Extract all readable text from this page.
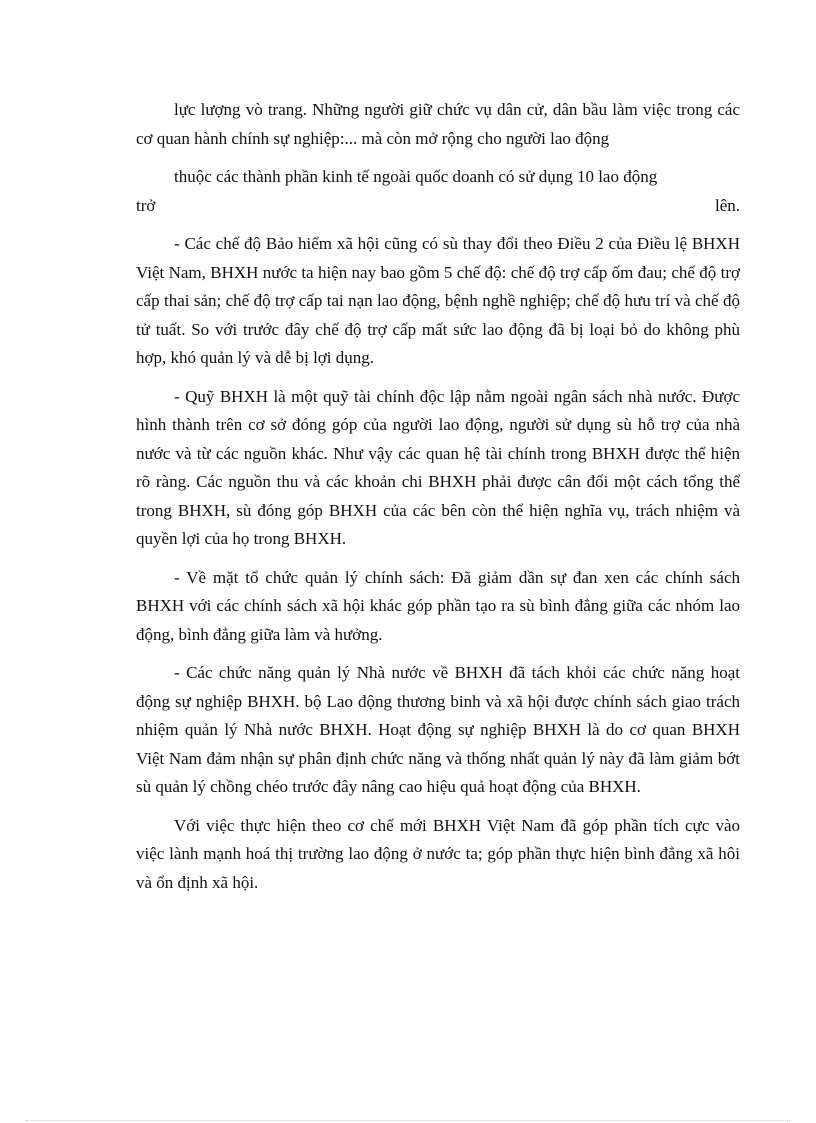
lực lượng vò trang. Những người giữ chức vụ dân cử, dân bầu làm việc trong các cơ quan hành chính sự nghiệp:... mà còn mở rộng cho người lao động

thuộc các thành phần kinh tế ngoài quốc doanh có sử dụng 10 lao động

trở	lên.

- Các chế độ Bảo hiểm xã hội cũng có sù thay đổi theo Điều 2 của Điều lệ BHXH Việt Nam, BHXH nước ta hiện nay bao gồm 5 chế độ: chế độ trợ cấp ốm đau; chế độ trợ cấp thai sản; chế độ trợ cấp tai nạn lao động, bệnh nghề nghiệp; chế độ hưu trí và chế độ tử tuất. So với trước đây chế độ trợ cấp mất sức lao động đã bị loại bỏ do không phù hợp, khó quản lý và dễ bị lợi dụng.

- Quỹ BHXH là một quỹ tài chính độc lập nằm ngoài ngân sách nhà nước. Được hình thành trên cơ sở đóng góp của người lao động, người sử dụng sù hỗ trợ của nhà nước và từ các nguồn khác. Như vậy các quan hệ tài chính trong BHXH được thể hiện rõ ràng. Các nguồn thu và các khoản chi BHXH phải được cân đối một cách tổng thể trong BHXH, sù đóng góp BHXH của các bên còn thể hiện nghĩa vụ, trách nhiệm và quyền lợi của họ trong BHXH.

- Về mặt tổ chức quản lý chính sách: Đã giảm dần sự đan xen các chính sách BHXH với các chính sách xã hội khác góp phần tạo ra sù bình đẳng giữa các nhóm lao động, bình đẳng giữa làm và hưởng.

- Các chức năng quản lý Nhà nước về BHXH đã tách khỏi các chức năng hoạt động sự nghiệp BHXH. bộ Lao động thương binh và xã hội được chính sách giao trách nhiệm quản lý Nhà nước BHXH. Hoạt động sự nghiệp BHXH là do cơ quan BHXH Việt Nam đảm nhận sự phân định chức năng và thống nhất quản lý này đã làm giảm bớt sù quản lý chồng chéo trước đây nâng cao hiệu quả hoạt động của BHXH.

Với việc thực hiện theo cơ chế mới BHXH Việt Nam đã góp phần tích cực vào việc lành mạnh hoá thị trường lao động ở nước ta; góp phần thực hiện bình đẳng xã hôi và ổn định xã hội.
